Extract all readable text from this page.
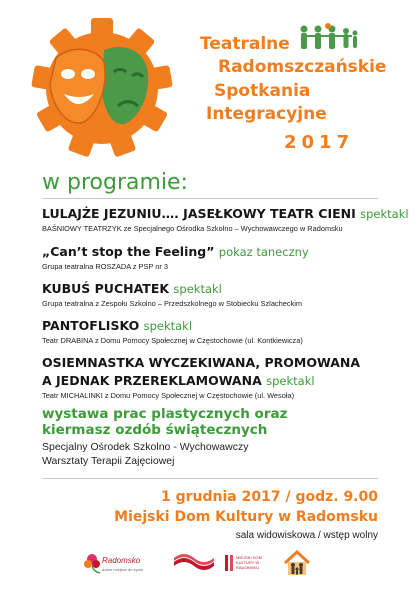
Teatralne
Radomszczańskie
Spotkania
Integracyjne
2017
w programie:
LULAJŻE JEZUNIU…. JASEŁKOWY TEATR CIENI spektakl
BAŚNIOWY TEATRZYK ze Specjalnego Ośrodka Szkolno – Wychowawczego w Radomsku
„Can’t stop the Feeling” pokaz taneczny
Grupa teatralna ROSZADA z PSP nr 3
KUBUŚ PUCHATEK spektakl
Grupa teatralna z Zespołu Szkolno – Przedszkolnego w Stobiecku Szlacheckim
PANTOFLISKO spektakl
Teatr DRABINA z Domu Pomocy Społecznej w Częstochowie (ul. Kontkiewicza)
OSIEMNASTKA WYCZEKIWANA, PROMOWANA
A JEDNAK PRZEREKLAMOWANA spektakl
Teatr MICHALINKI z Domu Pomocy Społecznej w Częstochowie (ul. Wesoła)
wystawa prac plastycznych oraz
kiermasz ozdób świątecznych
Specjalny Ośrodek Szkolno - Wychowawczy
Warsztaty Terapii Zajęciowej
1 grudnia 2017 / godz. 9.00
Miejski Dom Kultury w Radomsku
sala widowiskowa / wstęp wolny
Radomsko
dobre miejsce do życia
MIEJSKI DOM KULTURY W RADOMSKU
